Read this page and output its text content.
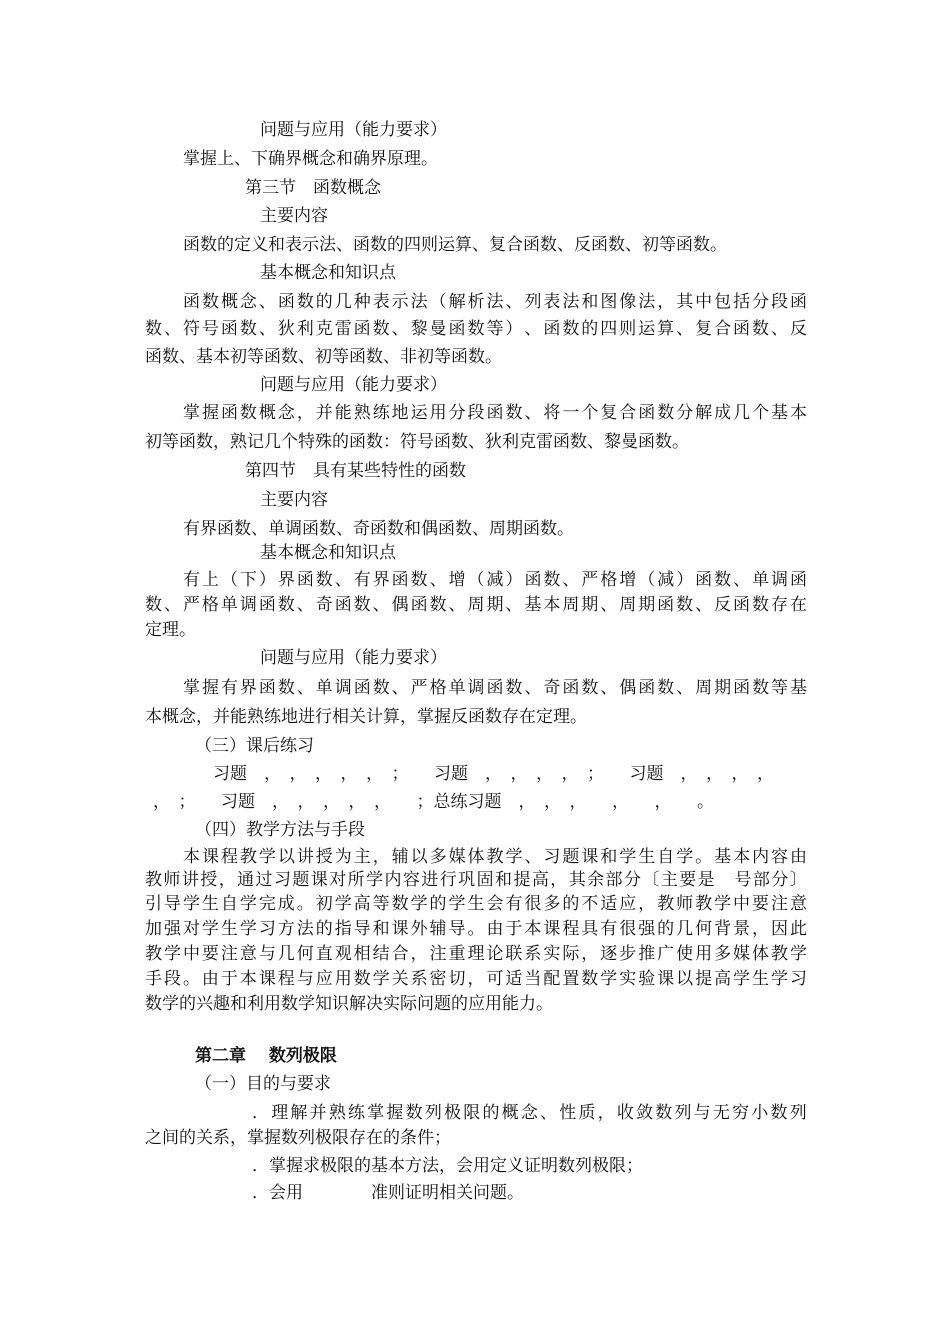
问题与应用（能力要求）
掌握上、下确界概念和确界原理。
第三节　函数概念
主要内容
函数的定义和表示法、函数的四则运算、复合函数、反函数、初等函数。
基本概念和知识点
函 数 概 念 、 函 数 的 几 种 表 示 法 （ 解 析 法 、 列 表 法 和 图 像 法 ， 其 中 包 括 分 段 函
数 、 符 号 函 数 、 狄 利 克 雷 函 数 、 黎 曼 函 数 等 ） 、 函 数 的 四 则 运 算 、 复 合 函 数 、 反
函数、基本初等函数、初等函数、非初等函数。
问题与应用（能力要求）
掌 握 函 数 概 念 ， 并 能 熟 练 地 运 用 分 段 函 数 、 将 一 个 复 合 函 数 分 解 成 几 个 基 本
初等函数，熟记几个特殊的函数：符号函数、狄利克雷函数、黎曼函数。
第四节　具有某些特性的函数
主要内容
有界函数、单调函数、奇函数和偶函数、周期函数。
基本概念和知识点
有 上 （ 下 ） 界 函 数 、 有 界 函 数 、 增 （ 减 ） 函 数 、 严 格 增 （ 减 ） 函 数 、 单 调 函
数 、 严 格 单 调 函 数 、 奇 函 数 、 偶 函 数 、 周 期 、 基 本 周 期 、 周 期 函 数 、 反 函 数 存 在
定理。
问题与应用（能力要求）
掌 握 有 界 函 数 、 单 调 函 数 、 严 格 单 调 函 数 、 奇 函 数 、 偶 函 数 、 周 期 函 数 等 基
本概念，并能熟练地进行相关计算，掌握反函数存在定理。
（三）课后练习
习题　，　，　，　，　，　；　　习题　，　，　，　，　；　　习题　，　，　，　，
，　；　　习题　，　，　，　，　，　　；总练习题　，　，　，　　，　　，　　。
（四）教学方法与手段
本 课 程 教 学 以 讲 授 为 主 ， 辅 以 多 媒 体 教 学 、 习 题 课 和 学 生 自 学 。 基 本 内 容 由
教 师 讲 授 ， 通 过 习 题 课 对 所 学 内 容 进 行 巩 固 和 提 高 ， 其 余 部 分 〔 主 要 是
　 号 部 分 〕
引 导 学 生 自 学 完 成 。 初 学 高 等 数 学 的 学 生 会 有 很 多 的 不 适 应 ， 教 师 教 学 中 要 注 意
加 强 对 学 生 学 习 方 法 的 指 导 和 课 外 辅 导 。 由 于 本 课 程 具 有 很 强 的 几 何 背 景 ， 因 此
教 学 中 要 注 意 与 几 何 直 观 相 结 合 ， 注 重 理 论 联 系 实 际 ， 逐 步 推 广 使 用 多 媒 体 教 学
手 段 。 由 于 本 课 程 与 应 用 数 学 关 系 密 切 ， 可 适 当 配 置 数 学 实 验 课 以 提 高 学 生 学 习
数学的兴趣和利用数学知识解决实际问题的应用能力。
第二章　 数列极限
（一）目的与要求
． 理 解 并 熟 练 掌 握 数 列 极 限 的 概 念 、 性 质 ， 收 敛 数 列 与 无 穷 小 数 列
之间的关系，掌握数列极限存在的条件；
．掌握求极限的基本方法，会用定义证明数列极限；
．会用　　　　准则证明相关问题。
